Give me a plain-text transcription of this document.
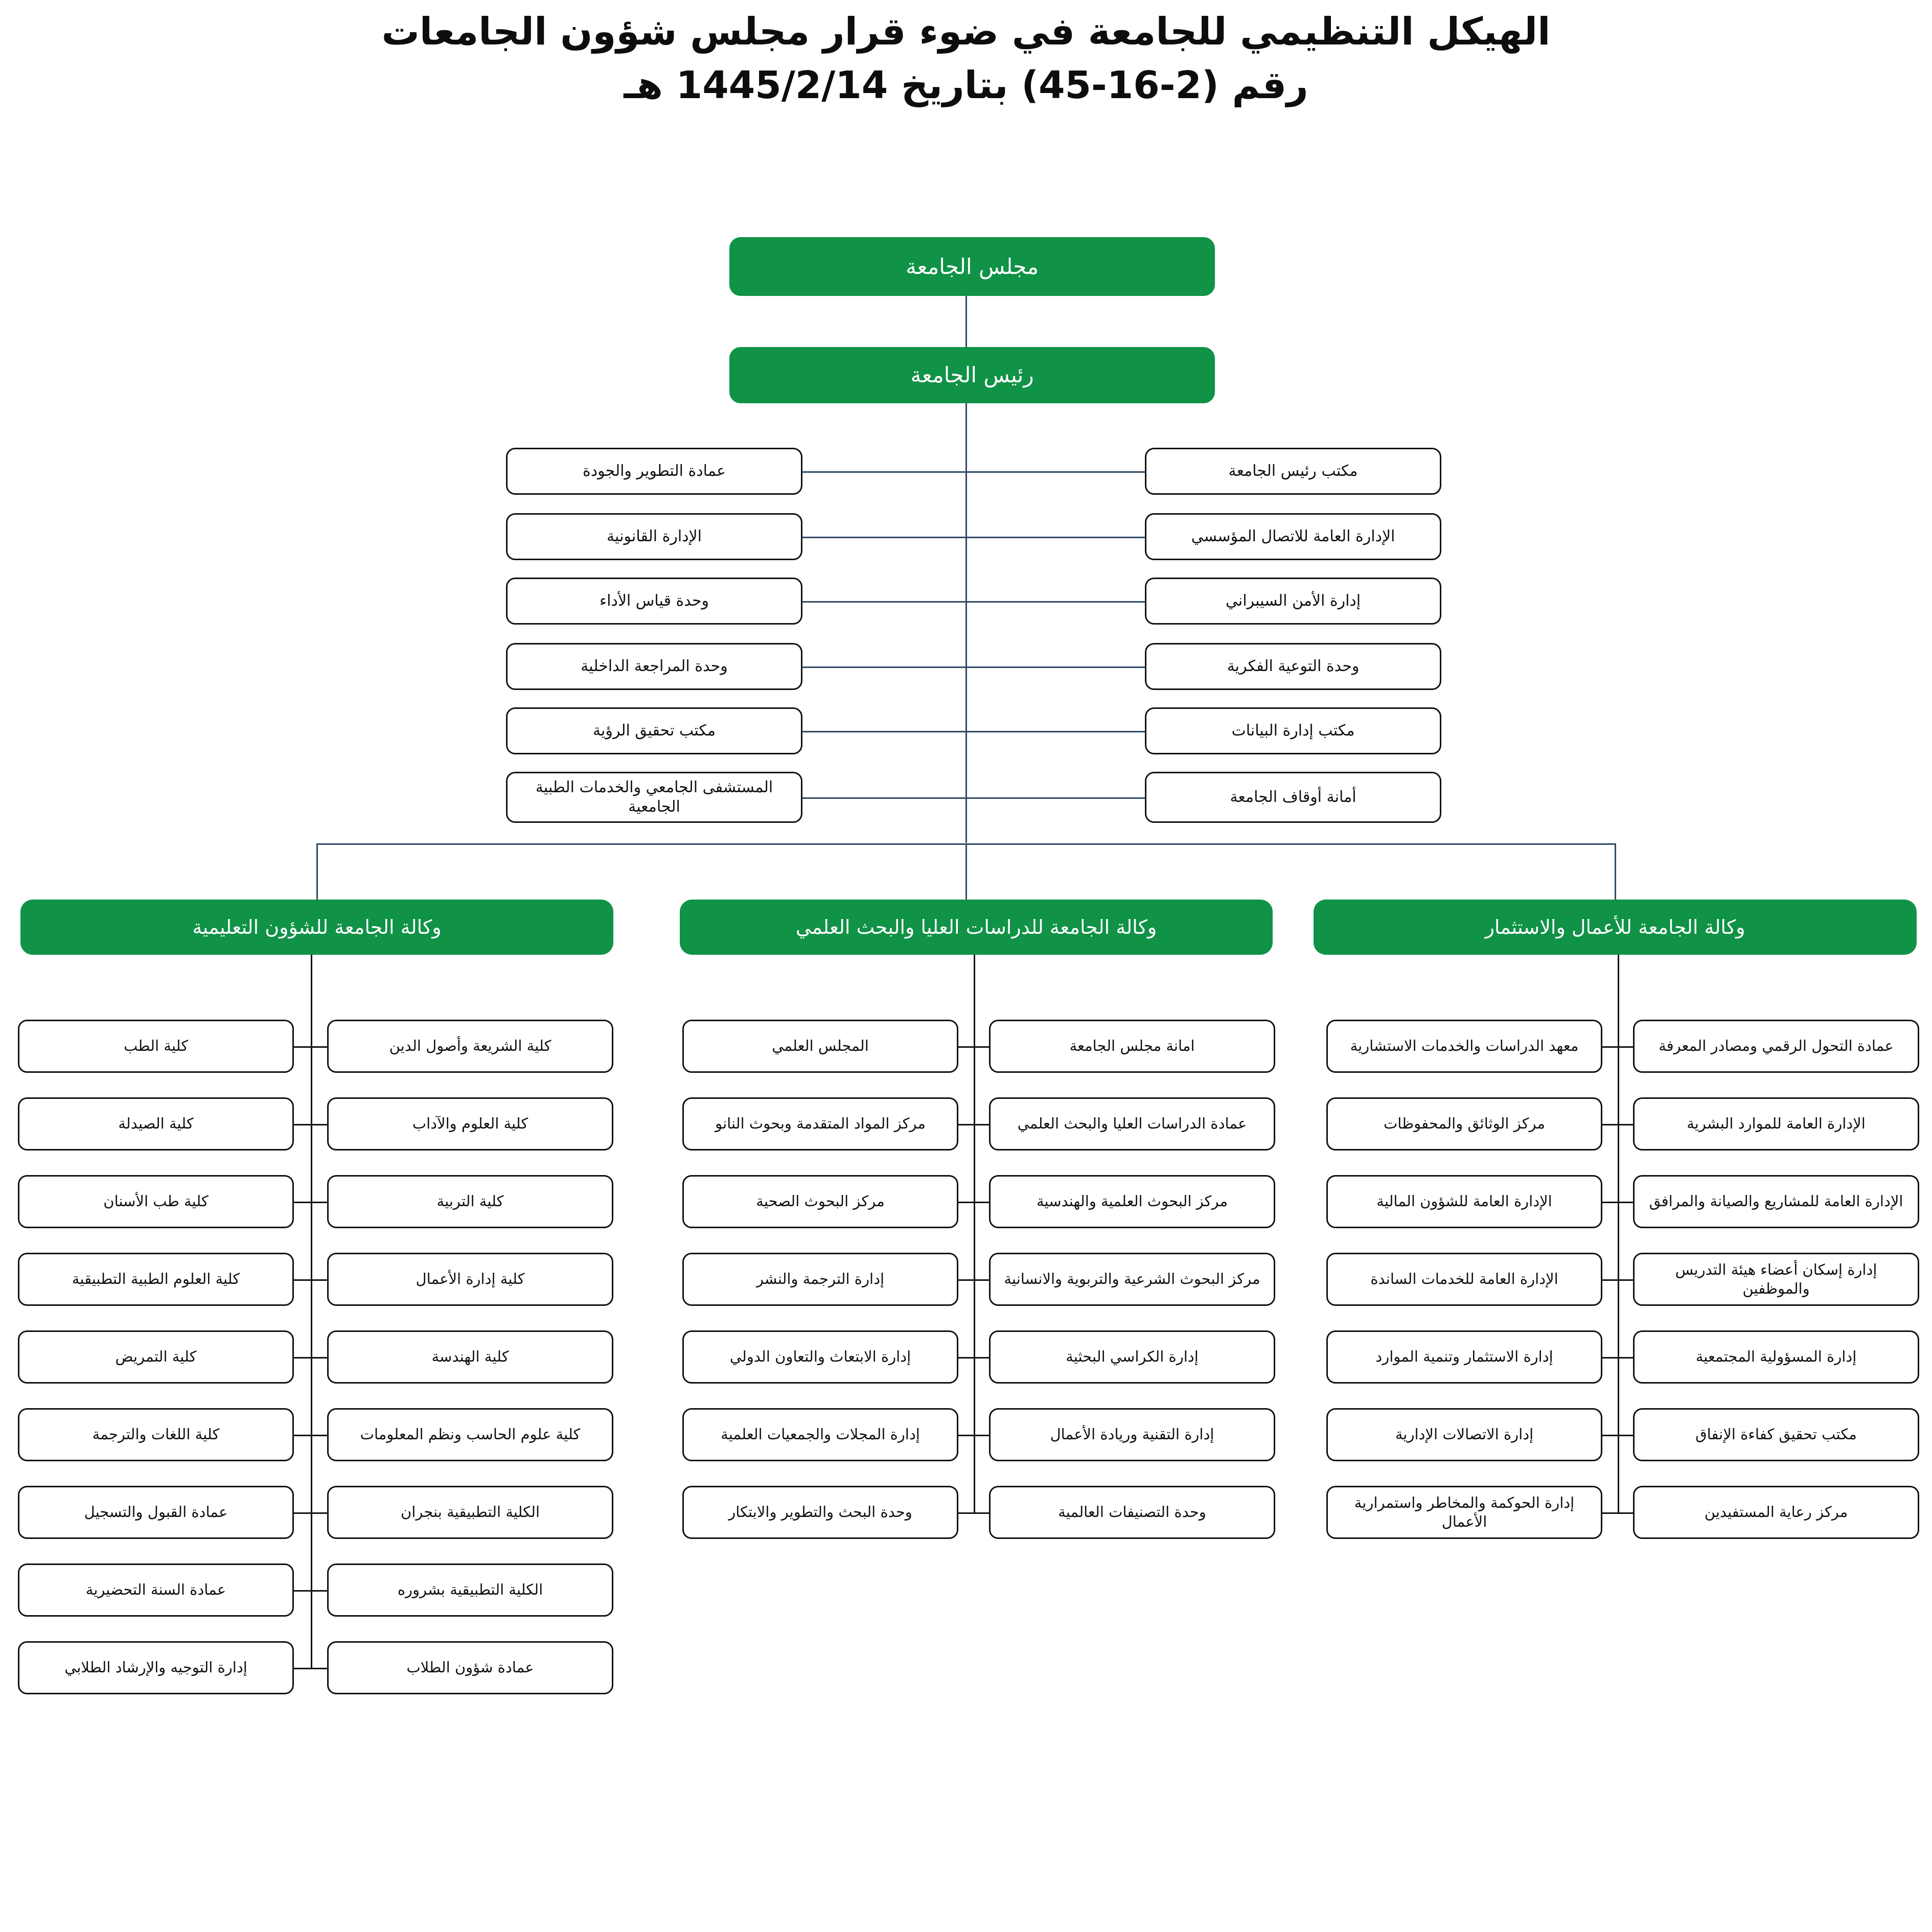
الهيكل التنظيمي للجامعة في ضوء قرار مجلس شؤون الجامعات
رقم (2-16-45) بتاريخ 1445/2/14 هـ
مجلس الجامعة
رئيس الجامعة
عمادة التطوير والجودة
الإدارة القانونية
وحدة قياس الأداء
وحدة المراجعة الداخلية
مكتب تحقيق الرؤية
المستشفى الجامعي والخدمات الطبية الجامعية
مكتب رئيس الجامعة
الإدارة العامة للاتصال المؤسسي
إدارة الأمن السيبراني
وحدة التوعية الفكرية
مكتب إدارة البيانات
أمانة أوقاف الجامعة
وكالة الجامعة للشؤون التعليمية
كلية الطب
كلية الصيدلة
كلية طب الأسنان
كلية العلوم الطبية التطبيقية
كلية التمريض
كلية اللغات والترجمة
عمادة القبول والتسجيل
عمادة السنة التحضيرية
إدارة التوجيه والإرشاد الطلابي
كلية الشريعة وأصول الدين
كلية العلوم والآداب
كلية التربية
كلية إدارة الأعمال
كلية الهندسة
كلية علوم الحاسب ونظم المعلومات
الكلية التطبيقية بنجران
الكلية التطبيقية بشروره
عمادة شؤون الطلاب
وكالة الجامعة للدراسات العليا والبحث العلمي
المجلس العلمي
مركز المواد المتقدمة وبحوث النانو
مركز البحوث الصحية
إدارة الترجمة والنشر
إدارة الابتعاث والتعاون الدولي
إدارة المجلات والجمعيات العلمية
وحدة البحث والتطوير والابتكار
امانة مجلس الجامعة
عمادة الدراسات العليا والبحث العلمي
مركز البحوث العلمية والهندسية
مركز البحوث الشرعية والتربوية والانسانية
إدارة الكراسي البحثية
إدارة التقنية وريادة الأعمال
وحدة التصنيفات العالمية
وكالة الجامعة للأعمال والاستثمار
معهد الدراسات والخدمات الاستشارية
مركز الوثائق والمحفوظات
الإدارة العامة للشؤون المالية
الإدارة العامة للخدمات الساندة
إدارة الاستثمار وتنمية الموارد
إدارة الاتصالات الإدارية
إدارة الحوكمة والمخاطر واستمرارية الأعمال
عمادة التحول الرقمي ومصادر المعرفة
الإدارة العامة للموارد البشرية
الإدارة العامة للمشاريع والصيانة والمرافق
إدارة إسكان أعضاء هيئة التدريس والموظفين
إدارة المسؤولية المجتمعية
مكتب تحقيق كفاءة الإنفاق
مركز رعاية المستفيدين
